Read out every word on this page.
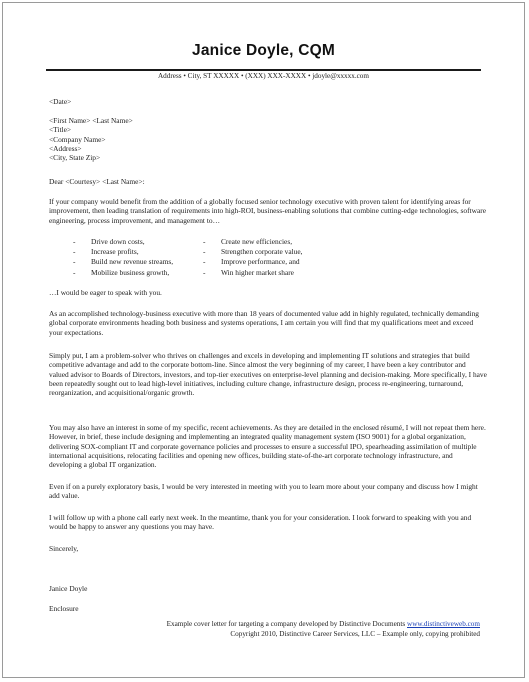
Janice Doyle, CQM
Address • City, ST XXXXX • (XXX) XXX-XXXX • jdoyle@xxxxx.com

<Date>

<First Name> <Last Name>

<Title>

<Company Name>

<Address>

<City, State Zip>

Dear <Courtesy> <Last Name>:

If your company would benefit from the addition of a globally focused senior technology executive with proven talent for identifying areas for improvement, then leading translation of requirements into high-ROI, business-enabling solutions that combine cutting-edge technologies, software engineering, process improvement, and management to…

-	Drive down costs,	-	Create new efficiencies,
-	Increase profits,	-	Strengthen corporate value,
-	Build new revenue streams,	-	Improve performance, and
-	Mobilize business growth,	-	Win higher market share

…I would be eager to speak with you.

As an accomplished technology-business executive with more than 18 years of documented value add in highly regulated, technically demanding global corporate environments heading both business and systems operations, I am certain you will find that my qualifications meet and exceed your expectations.

Simply put, I am a problem-solver who thrives on challenges and excels in developing and implementing IT solutions and strategies that build competitive advantage and add to the corporate bottom-line. Since almost the very beginning of my career, I have been a key contributor and valued advisor to Boards of Directors, investors, and top-tier executives on enterprise-level planning and decision-making. More specifically, I have been repeatedly sought out to lead high-level initiatives, including culture change, infrastructure design, process re-engineering, turnaround, reorganization, and acquisitional/organic growth.

You may also have an interest in some of my specific, recent achievements. As they are detailed in the enclosed résumé, I will not repeat them here. However, in brief, these include designing and implementing an integrated quality management system (ISO 9001) for a global organization, delivering SOX-compliant IT and corporate governance policies and processes to ensure a successful IPO, spearheading assimilation of multiple international acquisitions, relocating facilities and opening new offices, building state-of-the-art corporate technology infrastructure, and developing a global IT organization.

Even if on a purely exploratory basis, I would be very interested in meeting with you to learn more about your company and discuss how I might add value.

I will follow up with a phone call early next week. In the meantime, thank you for your consideration. I look forward to speaking with you and would be happy to answer any questions you may have.

Sincerely,

Janice Doyle

Enclosure

Example cover letter for targeting a company developed by Distinctive Documents www.distinctiveweb.com
Copyright 2010, Distinctive Career Services, LLC – Example only, copying prohibited
